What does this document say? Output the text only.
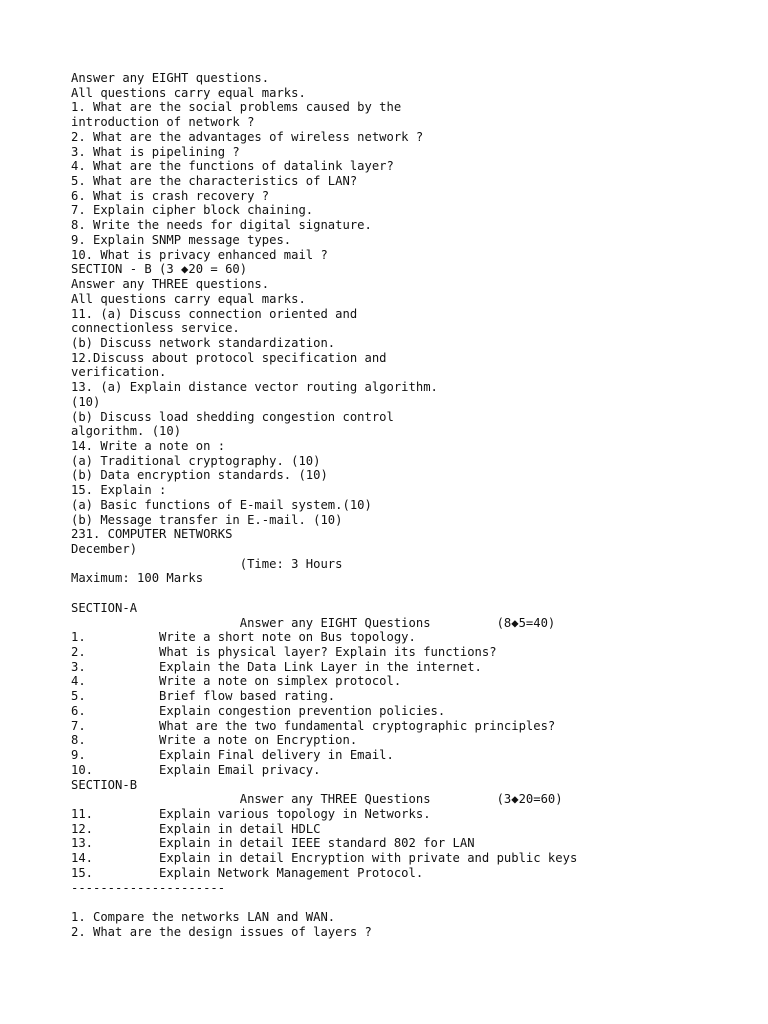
Answer any EIGHT questions.
All questions carry equal marks.
1. What are the social problems caused by the
introduction of network ?
2. What are the advantages of wireless network ?
3. What is pipelining ?
4. What are the functions of datalink layer?
5. What are the characteristics of LAN?
6. What is crash recovery ?
7. Explain cipher block chaining.
8. Write the needs for digital signature.
9. Explain SNMP message types.
10. What is privacy enhanced mail ?
SECTION - B (3 ◆20 = 60)
Answer any THREE questions.
All questions carry equal marks.
11. (a) Discuss connection oriented and
connectionless service.
(b) Discuss network standardization.
12.Discuss about protocol specification and
verification.
13. (a) Explain distance vector routing algorithm.
(10)
(b) Discuss load shedding congestion control
algorithm. (10)
14. Write a note on :
(a) Traditional cryptography. (10)
(b) Data encryption standards. (10)
15. Explain :
(a) Basic functions of E-mail system.(10)
(b) Message transfer in E.-mail. (10)
231. COMPUTER NETWORKS
December)
(Time: 3 Hours
Maximum: 100 Marks
SECTION-A
Answer any EIGHT Questions         (8◆5=40)
1.          Write a short note on Bus topology.
2.          What is physical layer? Explain its functions?
3.          Explain the Data Link Layer in the internet.
4.          Write a note on simplex protocol.
5.          Brief flow based rating.
6.          Explain congestion prevention policies.
7.          What are the two fundamental cryptographic principles?
8.          Write a note on Encryption.
9.          Explain Final delivery in Email.
10.         Explain Email privacy.
SECTION-B
Answer any THREE Questions         (3◆20=60)
11.         Explain various topology in Networks.
12.         Explain in detail HDLC
13.         Explain in detail IEEE standard 802 for LAN
14.         Explain in detail Encryption with private and public keys
15.         Explain Network Management Protocol.
---------------------
1. Compare the networks LAN and WAN.
2. What are the design issues of layers ?
